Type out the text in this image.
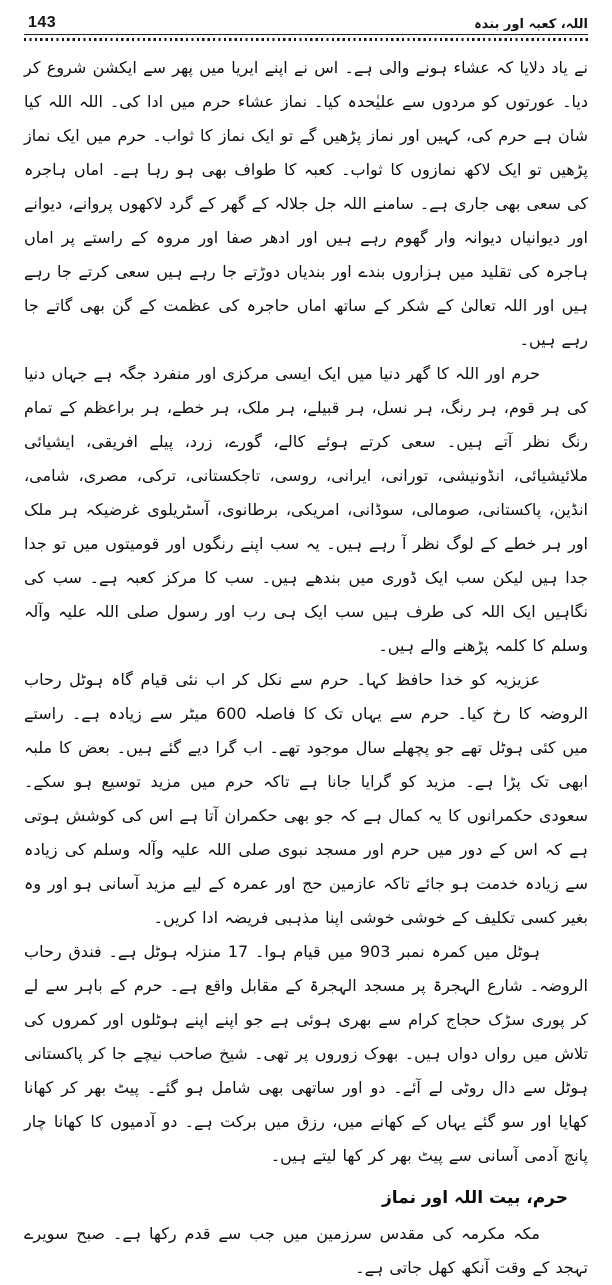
143	اللہ، کعبہ اور بندہ

نے یاد دلایا کہ عشاء ہونے والی ہے۔ اس نے اپنے ایریا میں پھر سے ایکشن شروع کر دیا۔ عورتوں کو مردوں سے علیٰحدہ کیا۔ نماز عشاء حرم میں ادا کی۔ اللہ اللہ کیا شان ہے حرم کی، کہیں اور نماز پڑھیں گے تو ایک نماز کا ثواب۔ حرم میں ایک نماز پڑھیں تو ایک لاکھ نمازوں کا ثواب۔ کعبہ کا طواف بھی ہو رہا ہے۔ اماں ہاجرہ کی سعی بھی جاری ہے۔ سامنے اللہ جل جلالہ کے گھر کے گرد لاکھوں پروانے، دیوانے اور دیوانیاں دیوانہ وار گھوم رہے ہیں اور ادھر صفا اور مروہ کے راستے پر اماں ہاجرہ کی تقلید میں ہزاروں بندے اور بندیاں دوڑتے جا رہے ہیں سعی کرتے جا رہے ہیں اور اللہ تعالیٰ کے شکر کے ساتھ اماں حاجرہ کی عظمت کے گن بھی گاتے جا رہے ہیں۔

حرم اور اللہ کا گھر دنیا میں ایک ایسی مرکزی اور منفرد جگہ ہے جہاں دنیا کی ہر قوم، ہر رنگ، ہر نسل، ہر قبیلے، ہر ملک، ہر خطے، ہر براعظم کے تمام رنگ نظر آتے ہیں۔ سعی کرتے ہوئے کالے، گورے، زرد، پیلے افریقی، ایشیائی ملائیشیائی، انڈونیشی، تورانی، ایرانی، روسی، تاجکستانی، ترکی، مصری، شامی، انڈین، پاکستانی، صومالی، سوڈانی، امریکی، برطانوی، آسٹریلوی غرضیکہ ہر ملک اور ہر خطے کے لوگ نظر آ رہے ہیں۔ یہ سب اپنے رنگوں اور قومیتوں میں تو جدا جدا ہیں لیکن سب ایک ڈوری میں بندھے ہیں۔ سب کا مرکز کعبہ ہے۔ سب کی نگاہیں ایک اللہ کی طرف ہیں سب ایک ہی رب اور رسول صلی اللہ علیہ وآلہ وسلم کا کلمہ پڑھنے والے ہیں۔

عزیزیہ کو خدا حافظ کہا۔ حرم سے نکل کر اب نئی قیام گاہ ہوٹل رحاب الروضہ کا رخ کیا۔ حرم سے یہاں تک کا فاصلہ 600 میٹر سے زیادہ ہے۔ راستے میں کئی ہوٹل تھے جو پچھلے سال موجود تھے۔ اب گرا دیے گئے ہیں۔ بعض کا ملبہ ابھی تک پڑا ہے۔ مزید کو گرایا جانا ہے تاکہ حرم میں مزید توسیع ہو سکے۔ سعودی حکمرانوں کا یہ کمال ہے کہ جو بھی حکمران آتا ہے اس کی کوشش ہوتی ہے کہ اس کے دور میں حرم اور مسجد نبوی صلی اللہ علیہ وآلہ وسلم کی زیادہ سے زیادہ خدمت ہو جائے تاکہ عازمین حج اور عمرہ کے لیے مزید آسانی ہو اور وہ بغیر کسی تکلیف کے خوشی خوشی اپنا مذہبی فریضہ ادا کریں۔

ہوٹل میں کمرہ نمبر 903 میں قیام ہوا۔ 17 منزلہ ہوٹل ہے۔ فندق رحاب الروضہ۔ شارع الہجرۃ پر مسجد الہجرۃ کے مقابل واقع ہے۔ حرم کے باہر سے لے کر پوری سڑک حجاج کرام سے بھری ہوئی ہے جو اپنے اپنے ہوٹلوں اور کمروں کی تلاش میں رواں دواں ہیں۔ بھوک زوروں پر تھی۔ شیخ صاحب نیچے جا کر پاکستانی ہوٹل سے دال روٹی لے آئے۔ دو اور ساتھی بھی شامل ہو گئے۔ پیٹ بھر کر کھانا کھایا اور سو گئے یہاں کے کھانے میں، رزق میں برکت ہے۔ دو آدمیوں کا کھانا چار پانچ آدمی آسانی سے پیٹ بھر کر کھا لیتے ہیں۔

حرم، بیت اللہ اور نماز

مکہ مکرمہ کی مقدس سرزمین میں جب سے قدم رکھا ہے۔ صبح سویرے تہجد کے وقت آنکھ کھل جاتی ہے۔
